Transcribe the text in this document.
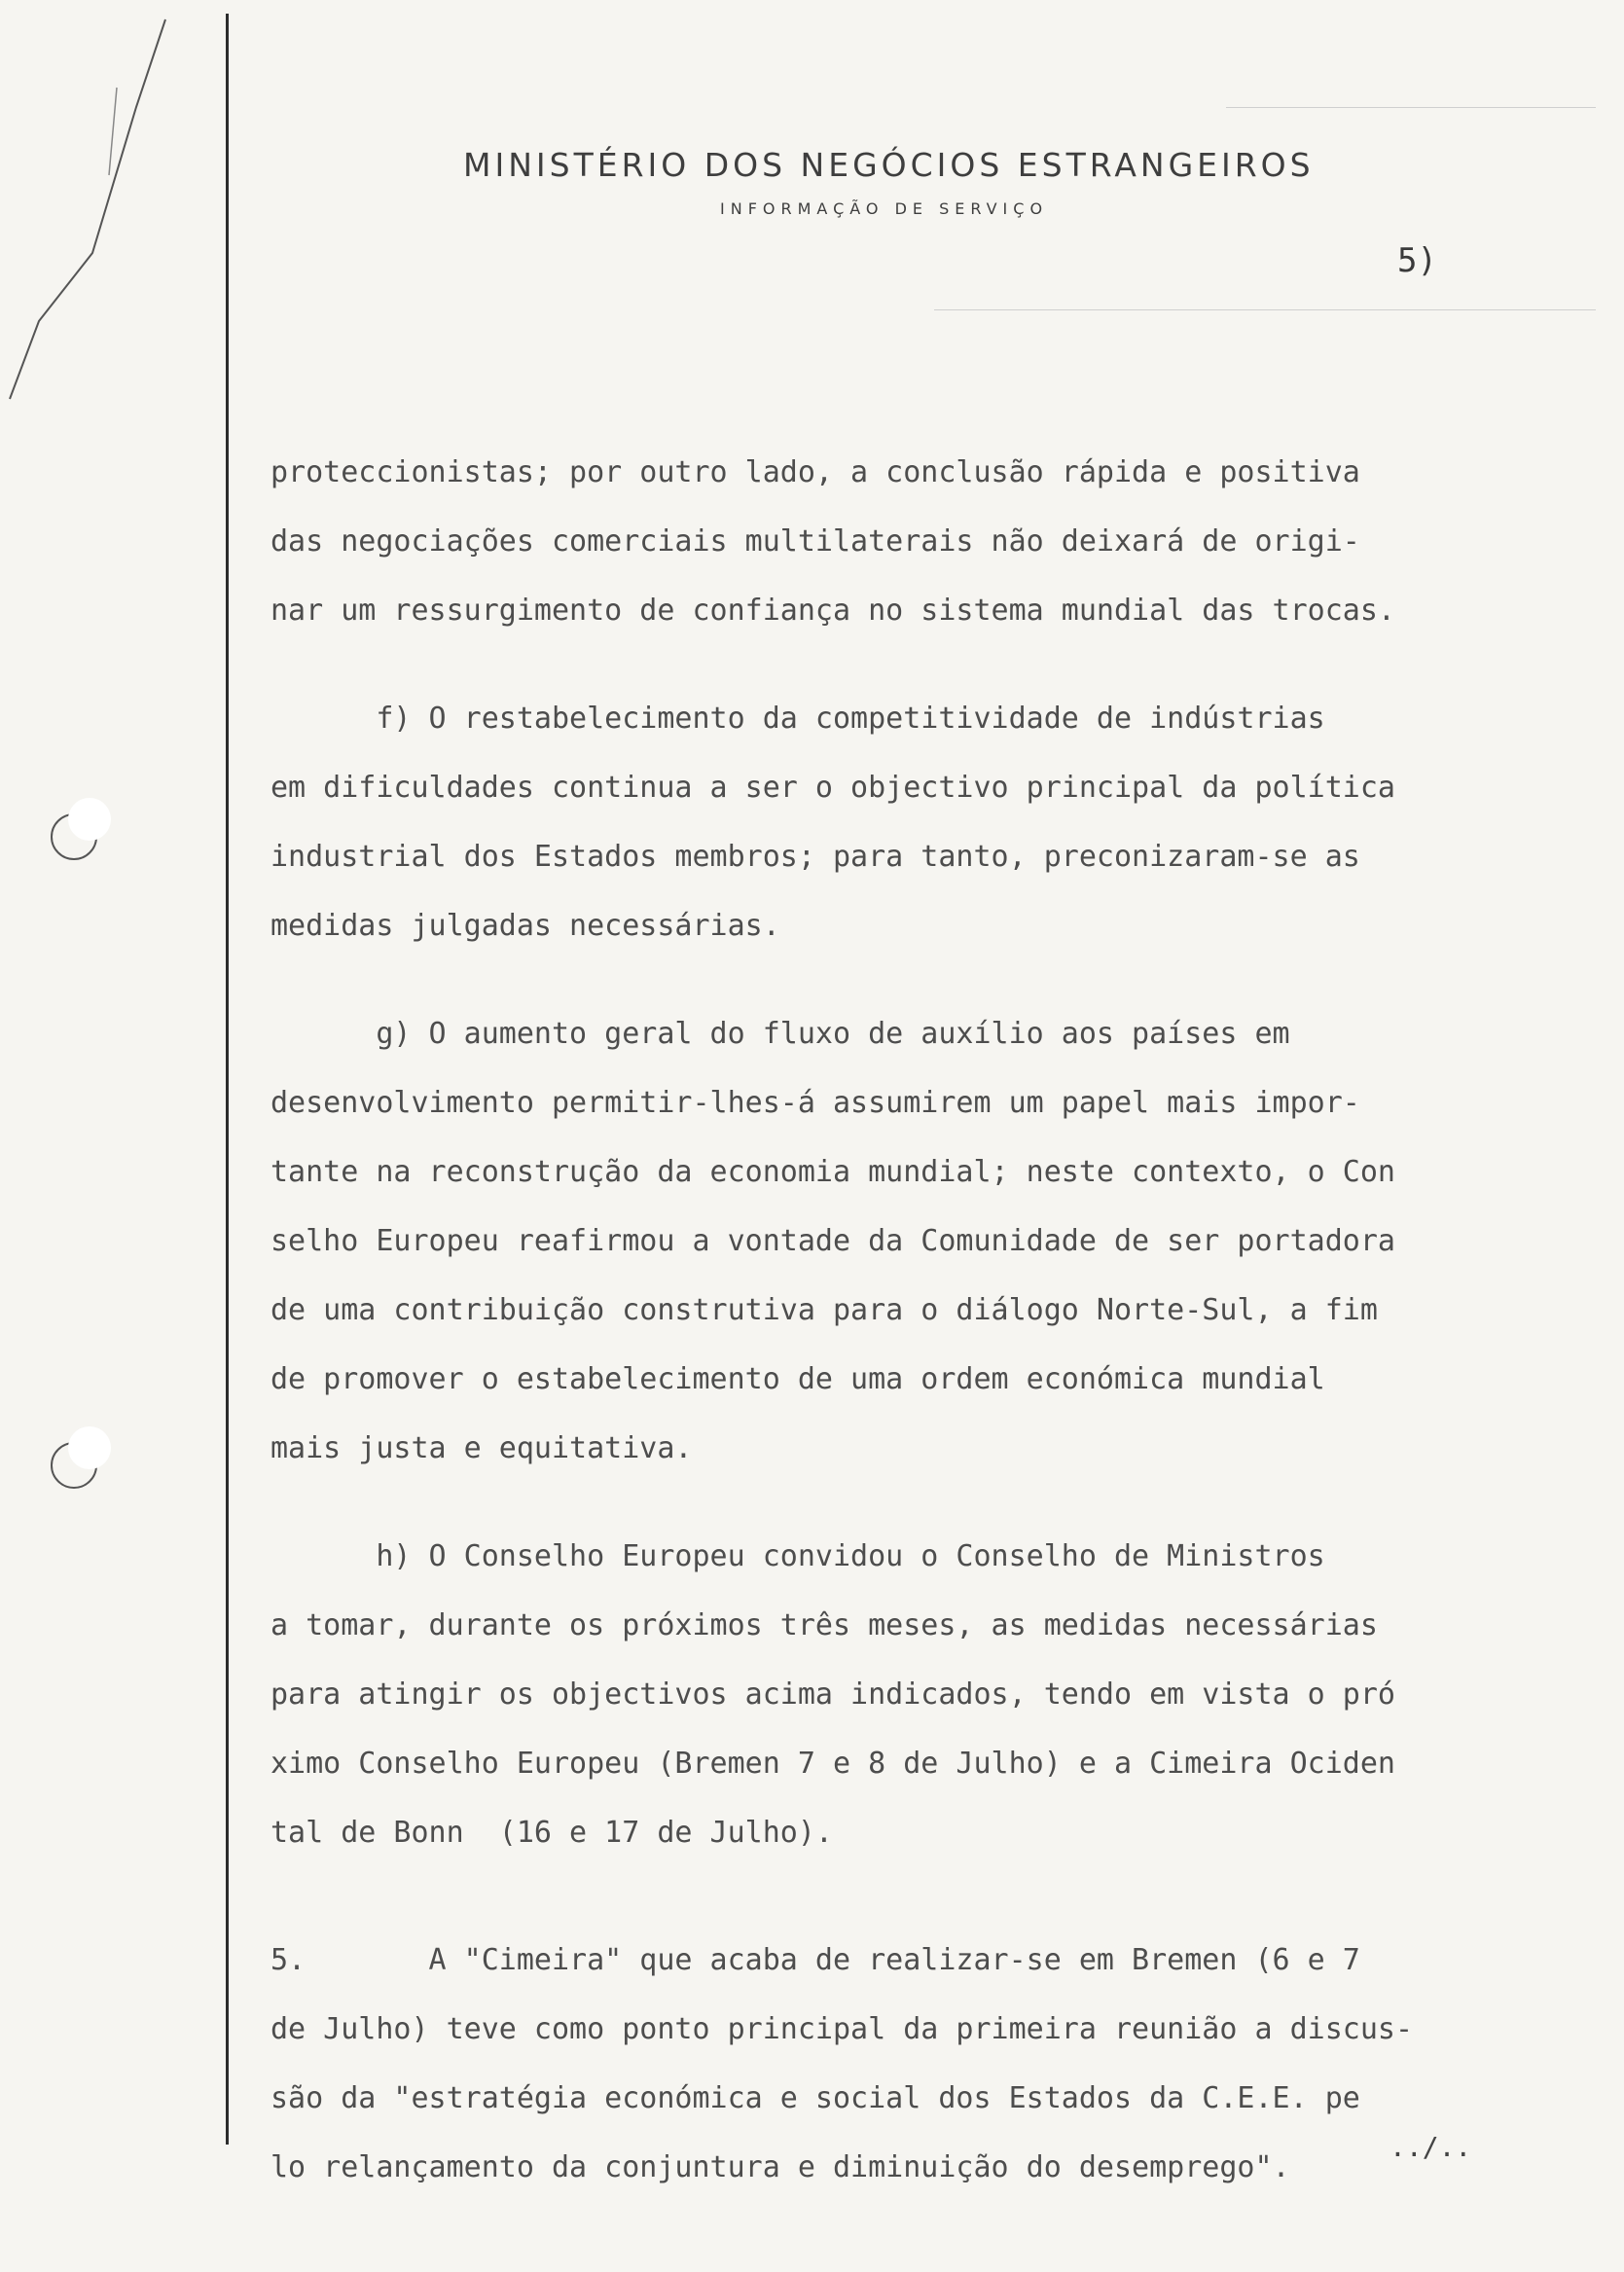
MINISTÉRIO DOS NEGÓCIOS ESTRANGEIROS
INFORMAÇÃO DE SERVIÇO
5)
proteccionistas; por outro lado, a conclusão rápida e positiva
das negociações comerciais multilaterais não deixará de origi-
nar um ressurgimento de confiança no sistema mundial das trocas.
f) O restabelecimento da competitividade de indústrias
em dificuldades continua a ser o objectivo principal da política
industrial dos Estados membros; para tanto, preconizaram-se as
medidas julgadas necessárias.
g) O aumento geral do fluxo de auxílio aos países em
desenvolvimento permitir-lhes-á assumirem um papel mais impor-
tante na reconstrução da economia mundial; neste contexto, o Con
selho Europeu reafirmou a vontade da Comunidade de ser portadora
de uma contribuição construtiva para o diálogo Norte-Sul, a fim
de promover o estabelecimento de uma ordem económica mundial
mais justa e equitativa.
h) O Conselho Europeu convidou o Conselho de Ministros
a tomar, durante os próximos três meses, as medidas necessárias
para atingir os objectivos acima indicados, tendo em vista o pró
ximo Conselho Europeu (Bremen 7 e 8 de Julho) e a Cimeira Ociden
tal de Bonn  (16 e 17 de Julho).
5.       A "Cimeira" que acaba de realizar-se em Bremen (6 e 7
de Julho) teve como ponto principal da primeira reunião a discus-
são da "estratégia económica e social dos Estados da C.E.E. pe
lo relançamento da conjuntura e diminuição do desemprego".
../..
